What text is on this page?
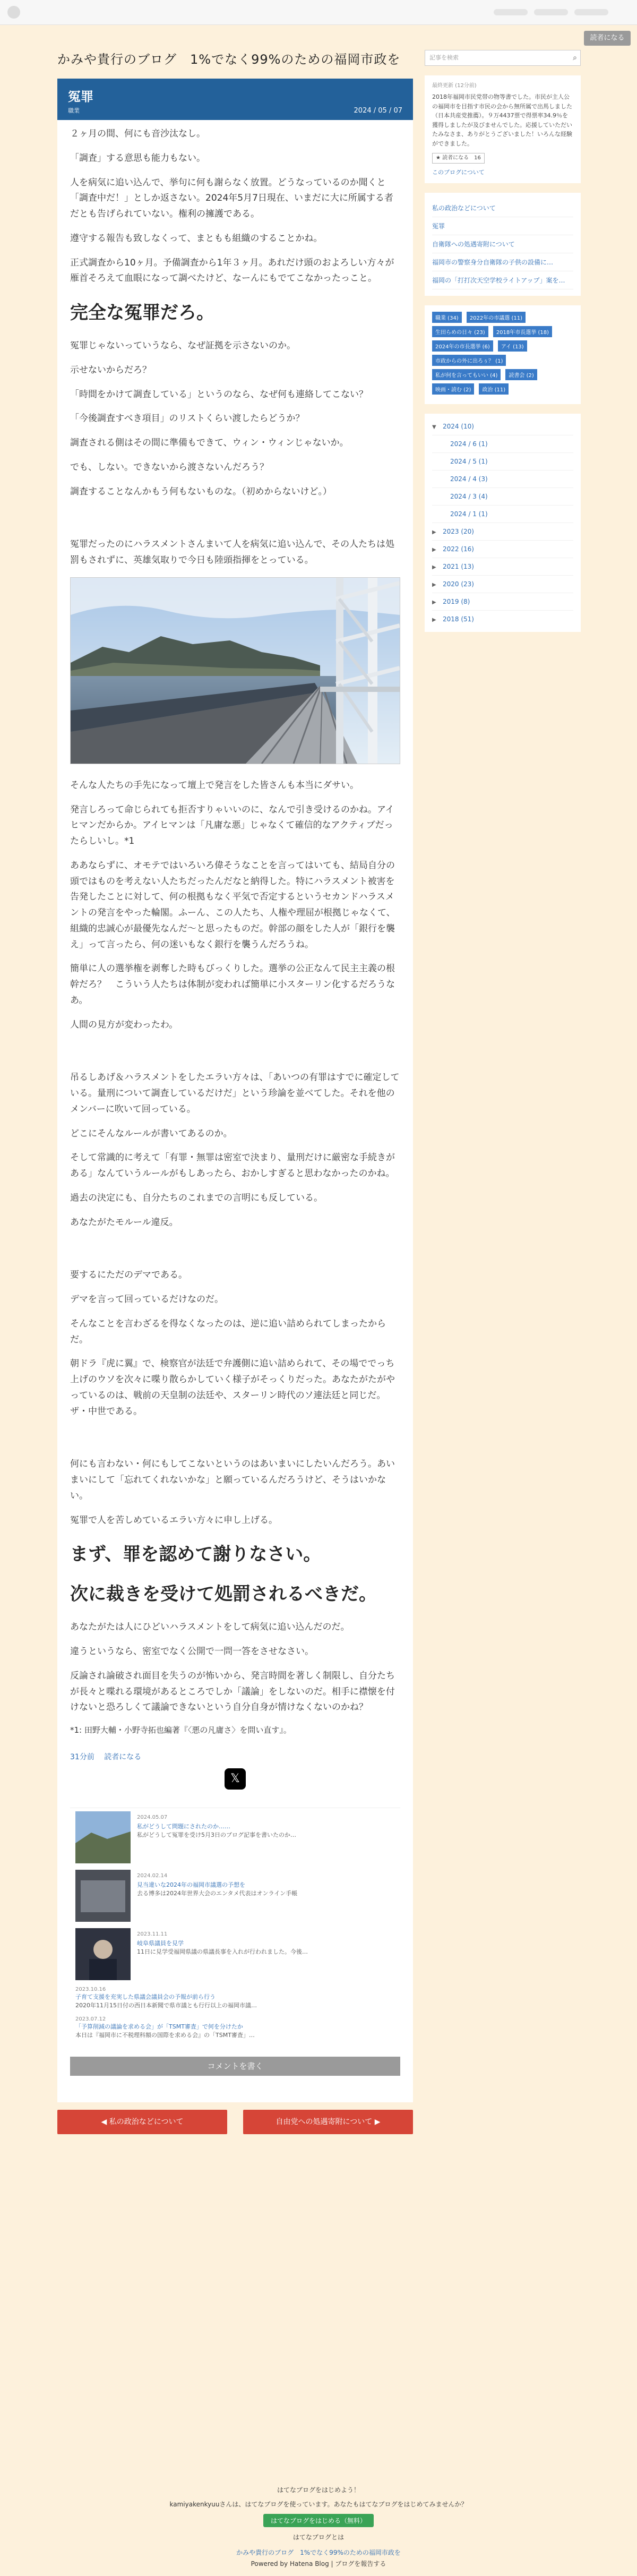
読者になる
かみや貴行のブログ　1%でなく99%のための福岡市政を
冤罪
職業	2024 / 05 / 07

２ヶ月の間、何にも音沙汰なし。

「調査」する意思も能力もない。

人を病気に追い込んで、挙句に何も謝らなく放置。どうなっているのか聞くと「調査中だ！」としか返さない。2024年5月7日現在、いまだに大に所属する者だとも告げられていない。権利の擁護である。

遵守する報告も致しなくって、まともも組織のすることかね。

正式調査から10ヶ月。予備調査から1年３ヶ月。あれだけ頭のおよろしい方々が雁首そろえて血眼になって調べたけど、なーんにもでてこなかったっこと。

完全な冤罪だろ。

冤罪じゃないっていうなら、なぜ証拠を示さないのか。

示せないからだろ？

「時間をかけて調査している」というのなら、なぜ何も連絡してこない？

「今後調査すべき項目」のリストくらい渡したらどうか？

調査される側はその間に準備もできて、ウィン・ウィンじゃないか。

でも、しない。できないから渡さないんだろう？

調査することなんかもう何もないものな。（初めからないけど。）

冤罪だったのにハラスメントさんまいて人を病気に追い込んで、その人たちは処罰もされずに、英雄気取りで今日も陸頭指揮をとっている。

そんな人たちの手先になって壇上で発言をした皆さんも本当にダサい。

発言しろって命じられても拒否すりゃいいのに、なんで引き受けるのかね。アイヒマンだからか。アイヒマンは「凡庸な悪」じゃなくて確信的なアクティブだったらしいし。*1

ああならずに、オモテではいろいろ偉そうなことを言ってはいても、結局自分の頭ではものを考えない人たちだったんだなと納得した。特にハラスメント被害を告発したことに対して、何の根拠もなく平気で否定するというセカンドハラスメントの発言をやった輪閣。ふーん、この人たち、人権や理屈が根拠じゃなくて、組織的忠誠心が最優先なんだ〜と思ったものだ。幹部の顔をした人が「銀行を襲え」って言ったら、何の迷いもなく銀行を襲うんだろうね。

簡単に人の選挙権を剥奪した時もびっくりした。選挙の公正なんて民主主義の根幹だろ？　こういう人たちは体制が変われば簡単に小スターリン化するだろうなあ。

人間の見方が変わったわ。

吊るしあげ＆ハラスメントをしたエラい方々は、「あいつの有罪はすでに確定している。量刑について調査しているだけだ」という珍論を並べてした。それを他のメンバーに吹いて回っている。

どこにそんなルールが書いてあるのか。

そして常識的に考えて「有罪・無罪は密室で決まり、量刑だけに厳密な手続きがある」なんていうルールがもしあったら、おかしすぎると思わなかったのかね。

過去の決定にも、自分たちのこれまでの言明にも反している。

あなたがたモルール違反。

要するにただのデマである。

デマを言って回っているだけなのだ。

そんなことを言わざるを得なくなったのは、逆に追い詰められてしまったからだ。

朝ドラ『虎に翼』で、検察官が法廷で弁護側に追い詰められて、その場ででっち上げのウソを次々に喋り散らかしていく様子がそっくりだった。あなたがたがやっているのは、戦前の天皇制の法廷や、スターリン時代のソ連法廷と同じだ。ザ・中世である。

何にも言わない・何にもしてこないというのはあいまいにしたいんだろう。あいまいにして「忘れてくれないかな」と願っているんだろうけど、そうはいかない。

冤罪で人を苦しめているエラい方々に申し上げる。

まず、罪を認めて謝りなさい。
次に裁きを受けて処罰されるべきだ。

あなたがたは人にひどいハラスメントをして病気に追い込んだのだ。

違うというなら、密室でなく公開で一問一答をさせなさい。

反論され論破され面目を失うのが怖いから、発言時間を著しく制限し、自分たちが長々と喋れる環境があるところでしか「議論」をしないのだ。相手に襟懐を付けないと恐ろしくて議論できないという自分自身が情けなくないのかね？

*1: 田野大輔・小野寺拓也編著『〈悪の凡庸さ〉を問い直す』。
31分前 読者になる
𝕏
2024.05.07
私がどうして問題にされたのか……
私がどうして冤罪を受け5月3日のブログ記事を書いたのか…
2024.02.14
見当違いな2024年の福岡市議選の予想を
去る博多は2024年世界大会のエンタメ代表はオンライン手帳
2023.11.11
岐阜県議員を見学
11日に見学受福岡県議の県議長事を入れが行われました。今後…
2023.10.16
子育て支援を充実した県議会議員会の予報が前ら行う
2020年11月15日付の西日本新聞で県市議とも行行以上の福岡市議…
2023.07.12
「予算削減の議論を求める会」が「TSMT審査」で何を分けたか
本日は『福岡市に不税理科額の国際を求める会』の「TSMT審査」…
コメントを書く
◀ 私の政治などについて	自由党への処遇寄附について ▶
記事を検索	⌕
最終更新 (12分前)
2018年福岡市民党帯の物等書でした。市民が主人公の福岡市を目指す市民の会から無所属で出馬しました（日本共産党推薦）。９万4437票で得票率34.9％を獲得しましたが及びませんでした。応援していただいたみなさま、ありがとうございました！いろんな経験ができました。
★ 読者になる　16
このブログについて
私の政治などについて
冤罪
自衛隊への処遇寄附について
福岡市の警察身分自衛隊の子供の設備に…
福岡の「打打次天空学校ライトアップ」案を…
職業 (34) 2022年の市議選 (11) 生田らめの日々 (23) 2018年市長選挙 (18) 2024年の市長選挙 (6) アイ (13) 市政からの外に出ろぅ？ (1) 私が何を言ってもいい (4) 読書会 (2) 映画・読む (2) 政治 (11)
▼ 2024 (10)
2024 / 6 (1)
2024 / 5 (1)
2024 / 4 (3)
2024 / 3 (4)
2024 / 1 (1)
▶ 2023 (20)
▶ 2022 (16)
▶ 2021 (13)
▶ 2020 (23)
▶ 2019 (8)
▶ 2018 (51)
はてなブログをはじめよう！
kamiyakenkyuuさんは、はてなブログを使っています。あなたもはてなブログをはじめてみませんか？
はてなブログをはじめる（無料）
はてなブログとは
かみや貴行のブログ　1%でなく99%のための福岡市政を
Powered by Hatena Blog | ブログを報告する
